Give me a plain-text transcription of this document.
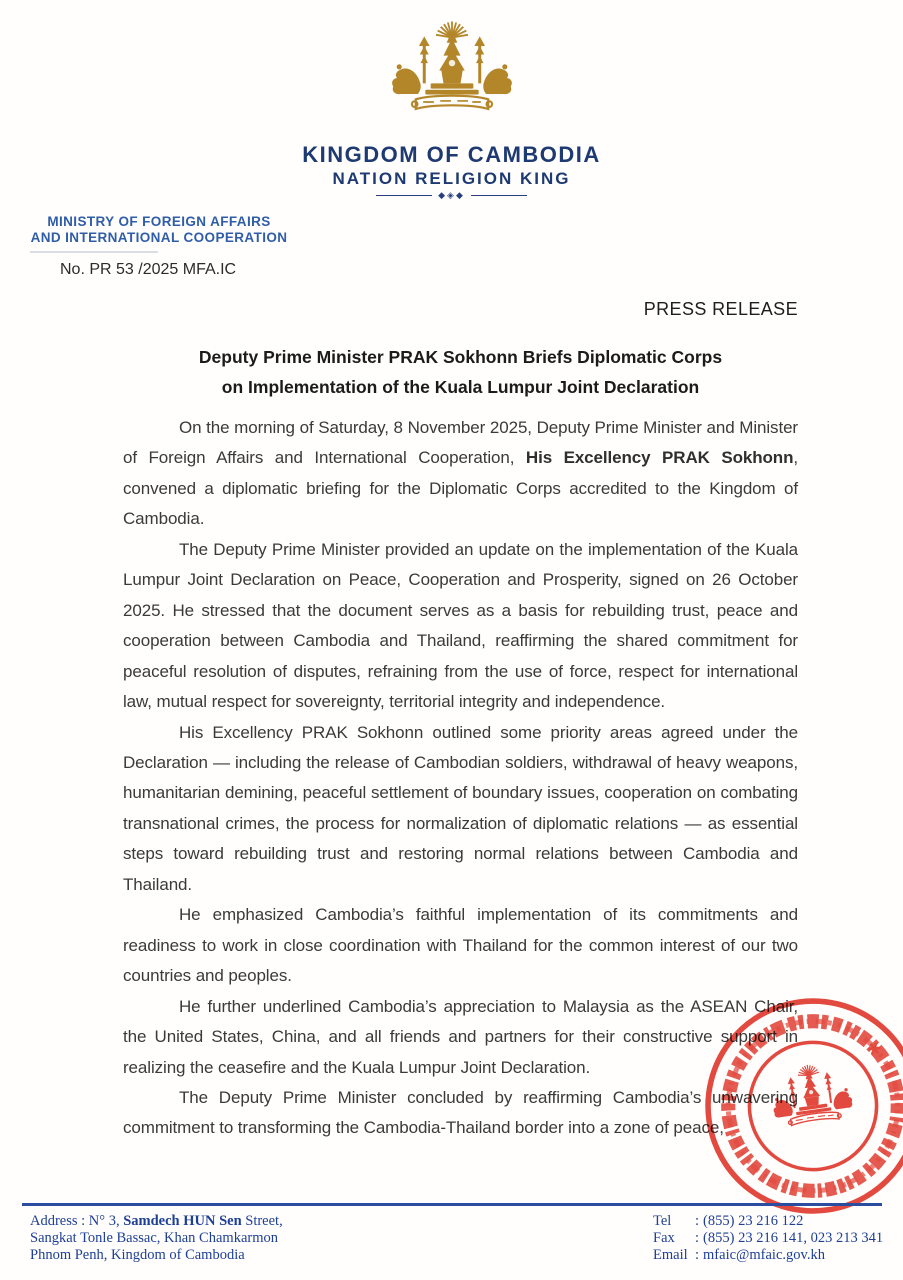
KINGDOM OF CAMBODIA
NATION RELIGION KING
◆◈◆
MINISTRY OF FOREIGN AFFAIRS
AND INTERNATIONAL COOPERATION
No. PR 53 /2025 MFA.IC
PRESS RELEASE
Deputy Prime Minister PRAK Sokhonn Briefs Diplomatic Corps
on Implementation of the Kuala Lumpur Joint Declaration

On the morning of Saturday, 8 November 2025, Deputy Prime Minister and Minister of Foreign Affairs and International Cooperation, His Excellency PRAK Sokhonn, convened a diplomatic briefing for the Diplomatic Corps accredited to the Kingdom of Cambodia.

The Deputy Prime Minister provided an update on the implementation of the Kuala Lumpur Joint Declaration on Peace, Cooperation and Prosperity, signed on 26 October 2025. He stressed that the document serves as a basis for rebuilding trust, peace and cooperation between Cambodia and Thailand, reaffirming the shared commitment for peaceful resolution of disputes, refraining from the use of force, respect for international law, mutual respect for sovereignty, territorial integrity and independence.

His Excellency PRAK Sokhonn outlined some priority areas agreed under the Declaration — including the release of Cambodian soldiers, withdrawal of heavy weapons, humanitarian demining, peaceful settlement of boundary issues, cooperation on combating transnational crimes, the process for normalization of diplomatic relations — as essential steps toward rebuilding trust and restoring normal relations between Cambodia and Thailand.

He emphasized Cambodia’s faithful implementation of its commitments and readiness to work in close coordination with Thailand for the common interest of our two countries and peoples.

He further underlined Cambodia’s appreciation to Malaysia as the ASEAN Chair, the United States, China, and all friends and partners for their constructive support in realizing the ceasefire and the Kuala Lumpur Joint Declaration.

The Deputy Prime Minister concluded by reaffirming Cambodia’s unwavering commitment to transforming the Cambodia-Thailand border into a zone of peace,

Address : N° 3, Samdech HUN Sen Street,
Sangkat Tonle Bassac, Khan Chamkarmon
Phnom Penh, Kingdom of Cambodia
Tel	: (855) 23 216 122
Fax	: (855) 23 216 141, 023 213 341
Email : mfaic@mfaic.gov.kh
